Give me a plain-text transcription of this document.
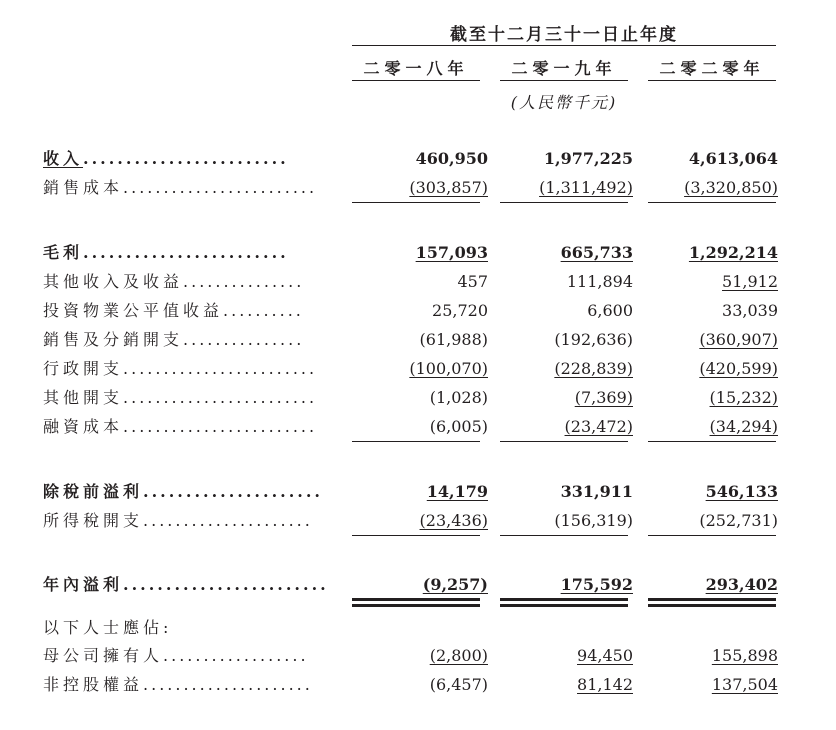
截至十二月三十一日止年度
二零一八年	二零一九年	二零二零年
(人民幣千元)
收入........................	460,950	1,977,225	4,613,064
銷售成本........................	(303,857)	(1,311,492)	(3,320,850)
毛利........................	157,093	665,733	1,292,214
其他收入及收益...............	457	111,894	51,912
投資物業公平值收益..........	25,720	6,600	33,039
銷售及分銷開支...............	(61,988)	(192,636)	(360,907)
行政開支........................	(100,070)	(228,839)	(420,599)
其他開支........................	(1,028)	(7,369)	(15,232)
融資成本........................	(6,005)	(23,472)	(34,294)
除稅前溢利.....................	14,179	331,911	546,133
所得稅開支.....................	(23,436)	(156,319)	(252,731)
年內溢利........................	(9,257)	175,592	293,402
以下人士應佔:
母公司擁有人..................	(2,800)	94,450	155,898
非控股權益.....................	(6,457)	81,142	137,504
